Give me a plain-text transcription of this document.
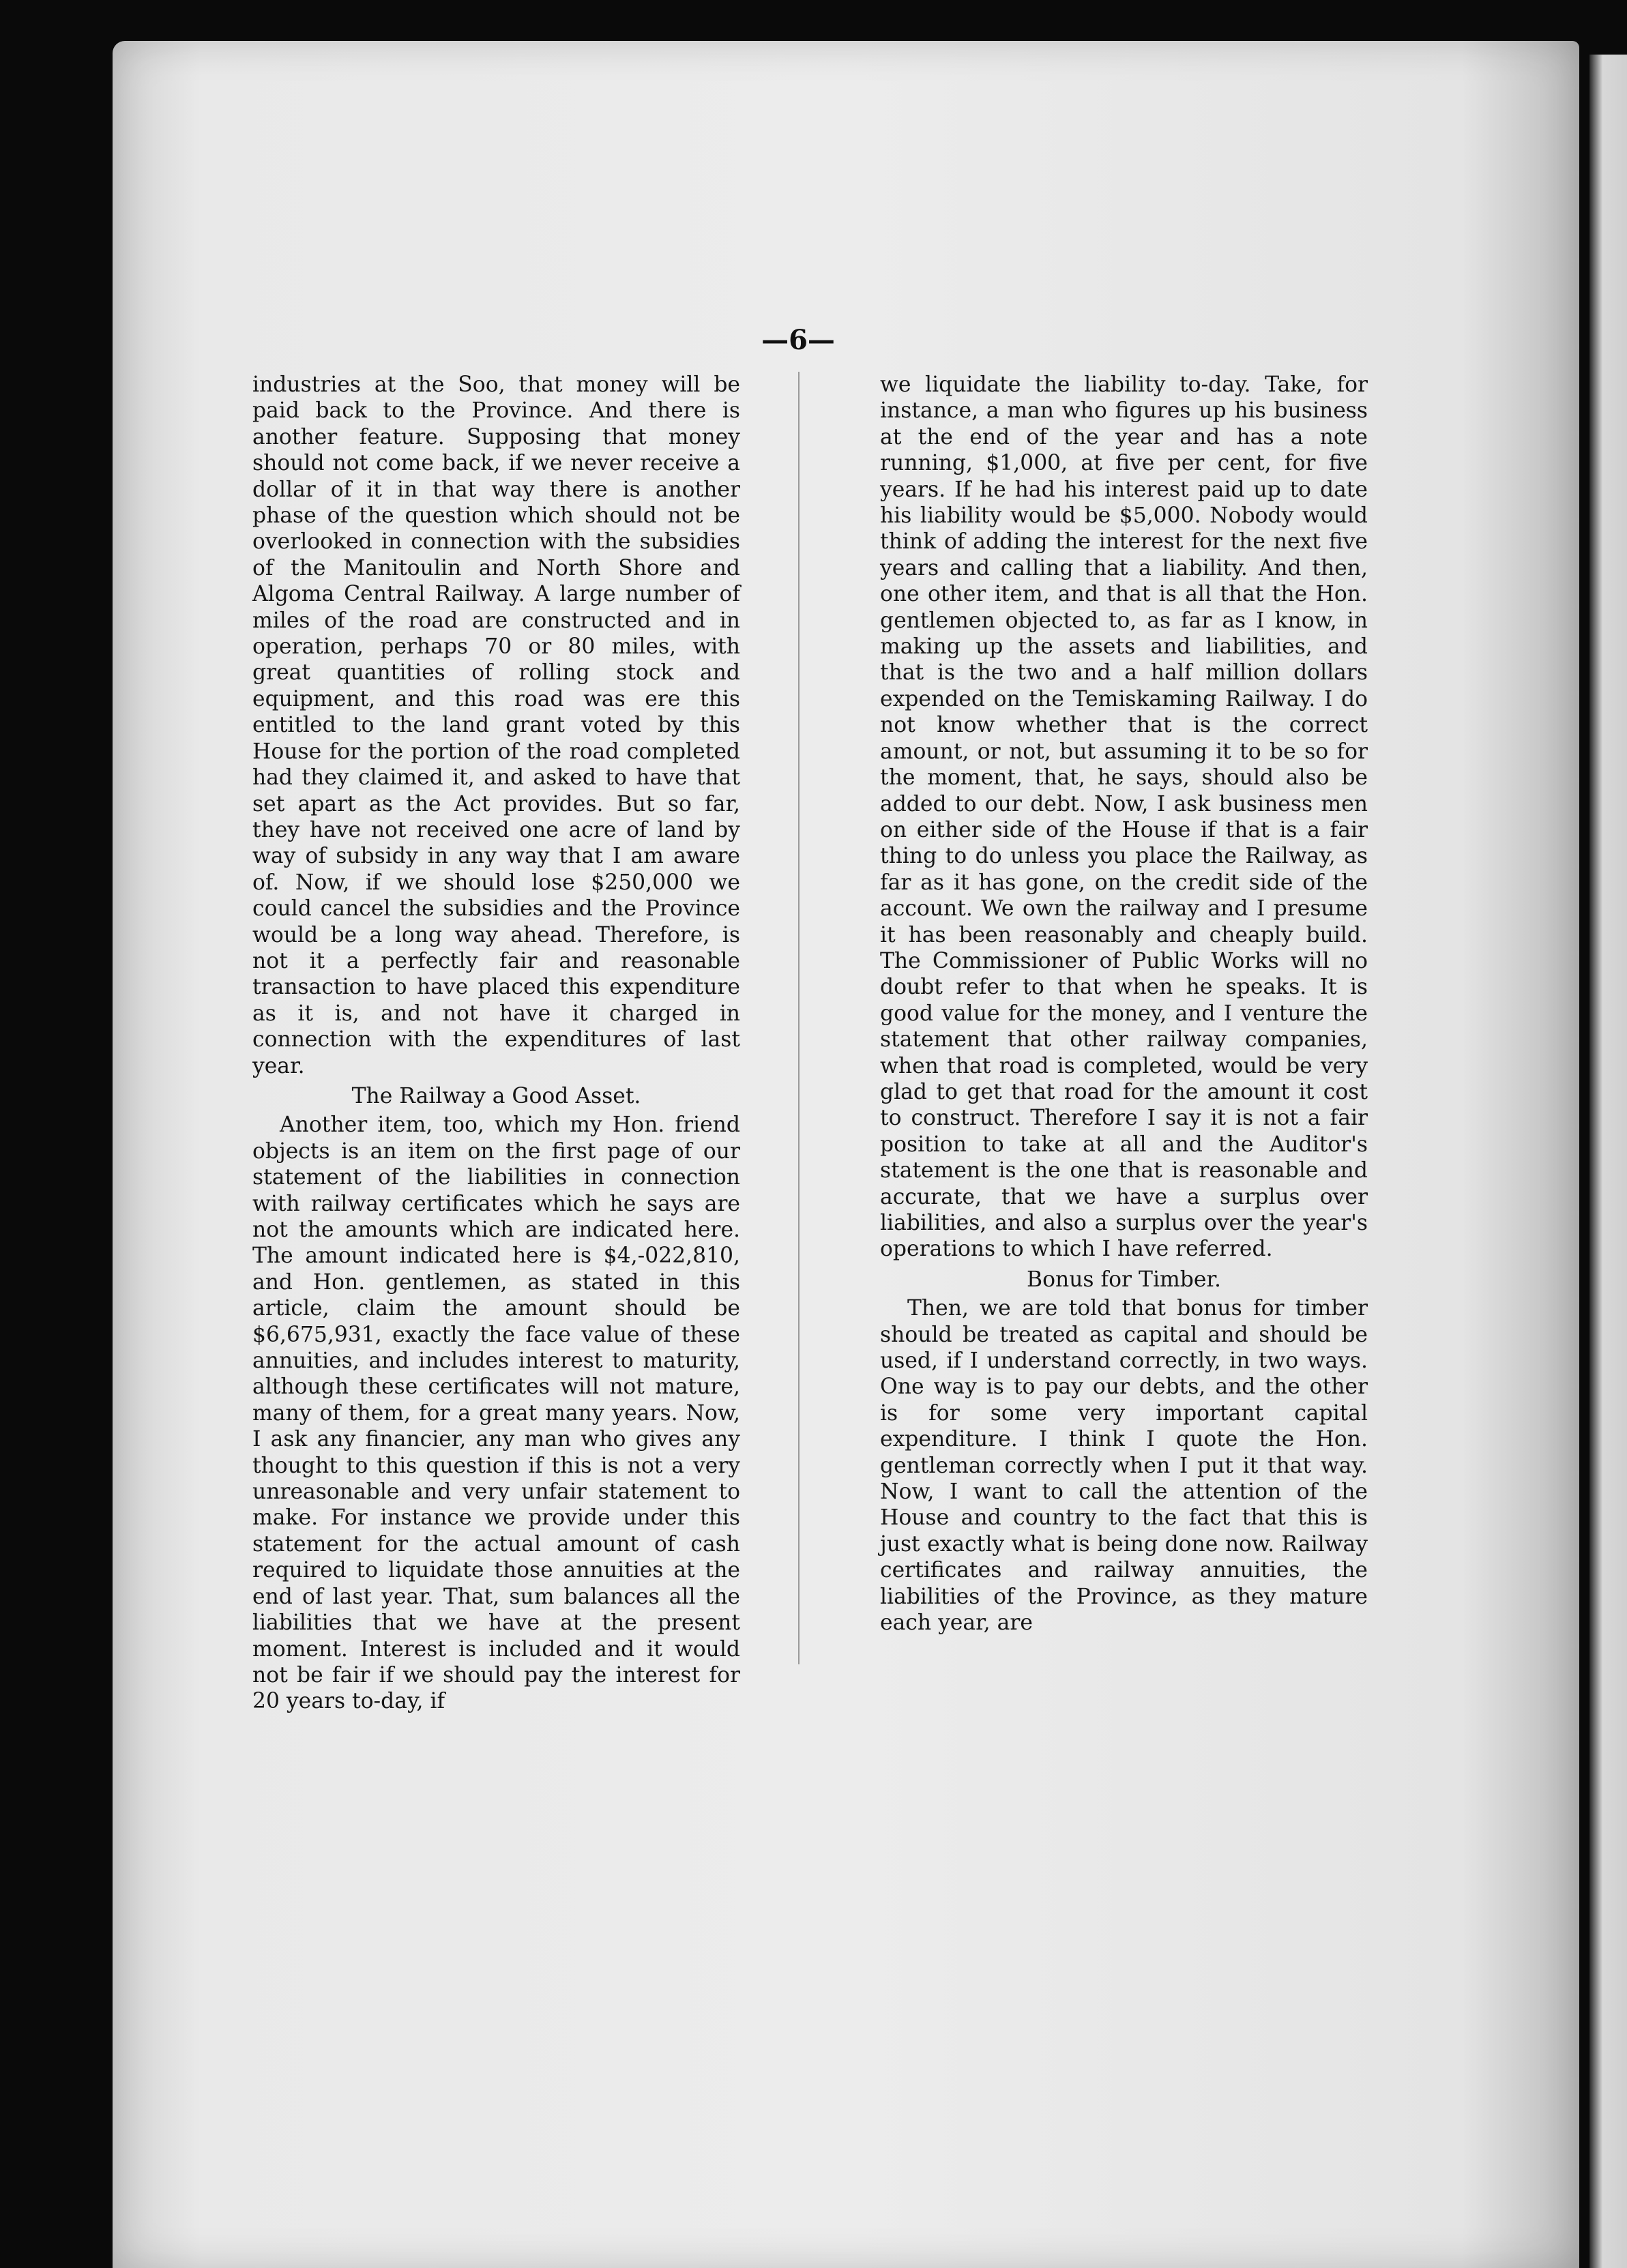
—6—

industries at the Soo, that money will be paid back to the Province. And there is another feature. Supposing that money should not come back, if we never receive a dollar of it in that way there is another phase of the question which should not be overlooked in connection with the subsidies of the Manitoulin and North Shore and Algoma Central Railway. A large number of miles of the road are constructed and in operation, perhaps 70 or 80 miles, with great quantities of rolling stock and equipment, and this road was ere this entitled to the land grant voted by this House for the portion of the road completed had they claimed it, and asked to have that set apart as the Act provides. But so far, they have not received one acre of land by way of subsidy in any way that I am aware of. Now, if we should lose $250,000 we could cancel the subsidies and the Province would be a long way ahead. Therefore, is not it a perfectly fair and reasonable transaction to have placed this expenditure as it is, and not have it charged in connection with the expenditures of last year.

The Railway a Good Asset.

Another item, too, which my Hon. friend objects is an item on the first page of our statement of the liabilities in connection with railway certificates which he says are not the amounts which are indicated here. The amount indicated here is $4,-022,810, and Hon. gentlemen, as stated in this article, claim the amount should be $6,675,931, exactly the face value of these annuities, and includes interest to maturity, although these certificates will not mature, many of them, for a great many years. Now, I ask any financier, any man who gives any thought to this question if this is not a very unreasonable and very unfair statement to make. For instance we provide under this statement for the actual amount of cash required to liquidate those annuities at the end of last year. That, sum balances all the liabilities that we have at the present moment. Interest is included and it would not be fair if we should pay the interest for 20 years to-day, if

we liquidate the liability to-day. Take, for instance, a man who figures up his business at the end of the year and has a note running, $1,000, at five per cent, for five years. If he had his interest paid up to date his liability would be $5,000. Nobody would think of adding the interest for the next five years and calling that a liability. And then, one other item, and that is all that the Hon. gentlemen objected to, as far as I know, in making up the assets and liabilities, and that is the two and a half million dollars expended on the Temiskaming Railway. I do not know whether that is the correct amount, or not, but assuming it to be so for the moment, that, he says, should also be added to our debt. Now, I ask business men on either side of the House if that is a fair thing to do unless you place the Railway, as far as it has gone, on the credit side of the account. We own the railway and I presume it has been reasonably and cheaply build. The Commissioner of Public Works will no doubt refer to that when he speaks. It is good value for the money, and I venture the statement that other railway companies, when that road is completed, would be very glad to get that road for the amount it cost to construct. Therefore I say it is not a fair position to take at all and the Auditor's statement is the one that is reasonable and accurate, that we have a surplus over liabilities, and also a surplus over the year's operations to which I have referred.

Bonus for Timber.

Then, we are told that bonus for timber should be treated as capital and should be used, if I understand correctly, in two ways. One way is to pay our debts, and the other is for some very important capital expenditure. I think I quote the Hon. gentleman correctly when I put it that way. Now, I want to call the attention of the House and country to the fact that this is just exactly what is being done now. Railway certificates and railway annuities, the liabilities of the Province, as they mature each year, are
